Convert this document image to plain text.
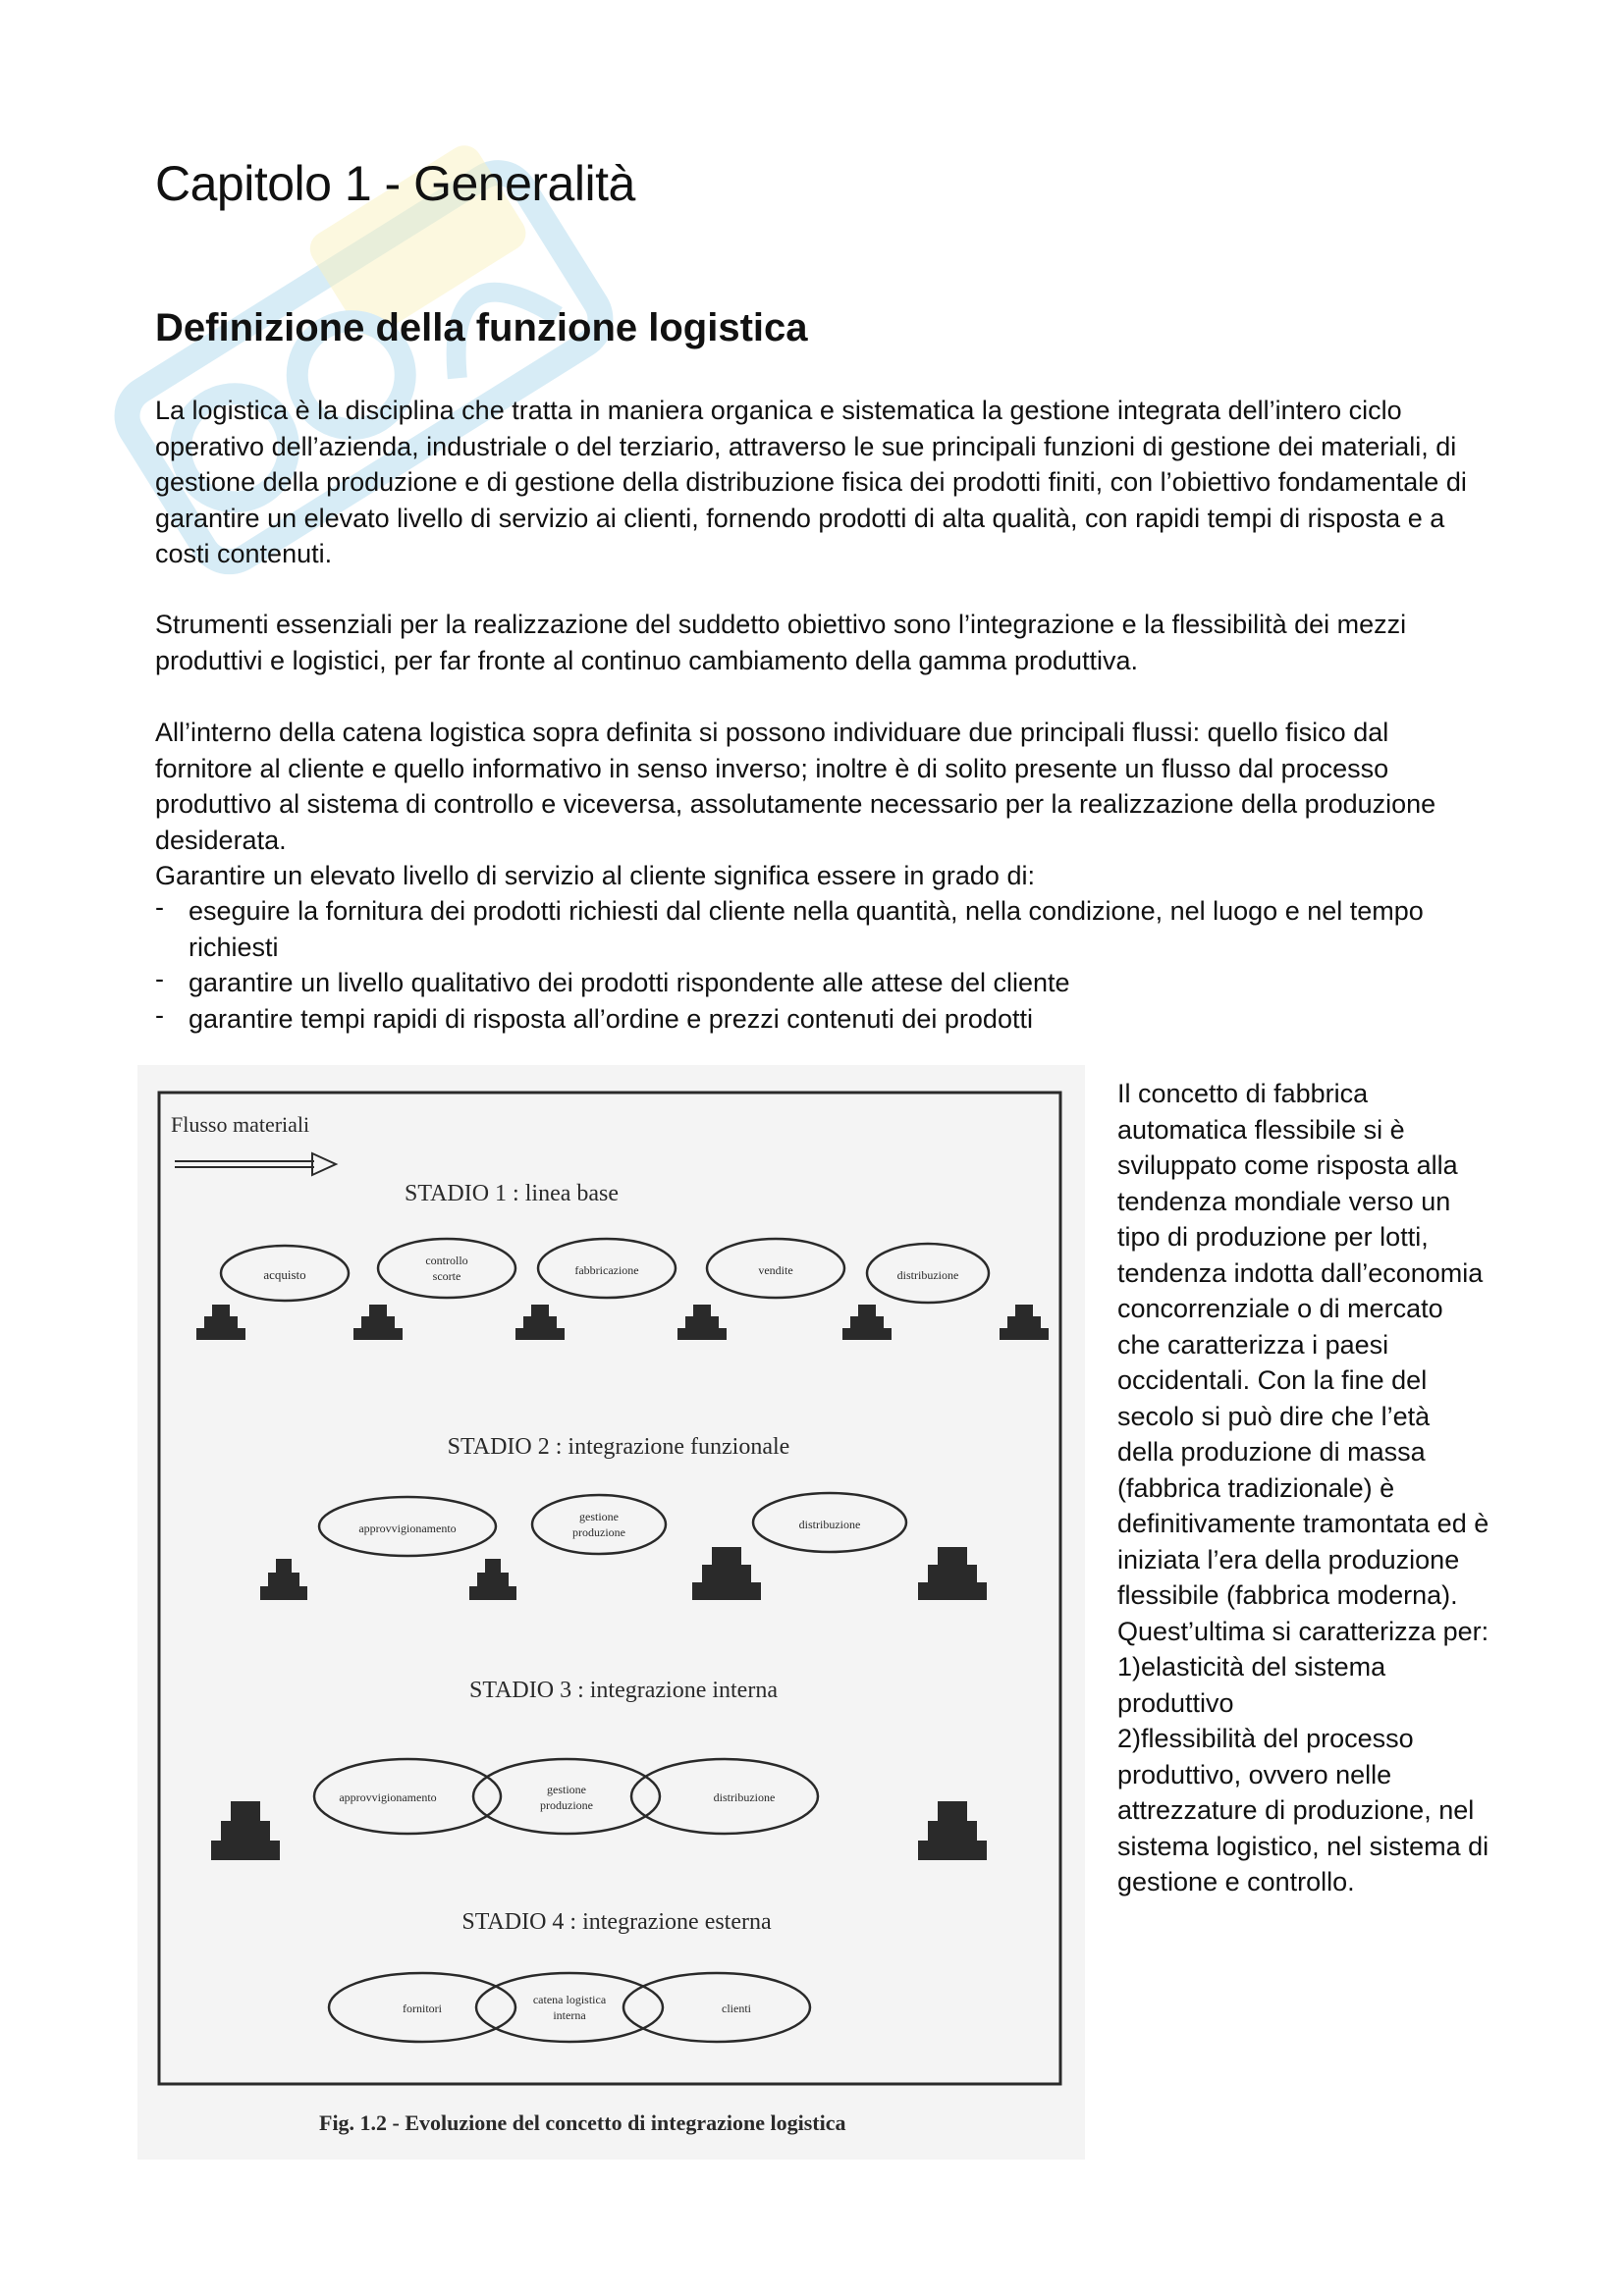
Capitolo 1 - Generalità
Definizione della funzione logistica

La logistica è la disciplina che tratta in maniera organica e sistematica la gestione integrata dell’intero ciclo operativo dell’azienda, industriale o del terziario, attraverso le sue principali funzioni di gestione dei materiali, di gestione della produzione e di gestione della distribuzione fisica dei prodotti finiti, con l’obiettivo fondamentale di garantire un elevato livello di servizio ai clienti, fornendo prodotti di alta qualità, con rapidi tempi di risposta e a costi contenuti.

Strumenti essenziali per la realizzazione del suddetto obiettivo sono l’integrazione e la flessibilità dei mezzi produttivi e logistici, per far fronte al continuo cambiamento della gamma produttiva.

All’interno della catena logistica sopra definita si possono individuare due principali flussi: quello fisico dal fornitore al cliente e quello informativo in senso inverso; inoltre è di solito presente un flusso dal processo produttivo al sistema di controllo e viceversa, assolutamente necessario per la realizzazione della produzione desiderata.

Garantire un elevato livello di servizio al cliente significa essere in grado di:

- eseguire la fornitura dei prodotti richiesti dal cliente nella quantità, nella condizione, nel luogo e nel tempo richiesti
- garantire un livello qualitativo dei prodotti rispondente alle attese del cliente
- garantire tempi rapidi di risposta all’ordine e prezzi contenuti dei prodotti
Flusso materiali
STADIO 1 : linea base
acquisto
controllo
scorte	fabbricazione	vendite	distribuzione
STADIO 2 : integrazione funzionale
approvvigionamento
gestione
produzione
distribuzione
STADIO 3 : integrazione interna
approvvigionamento
gestione
produzione
distribuzione
STADIO 4 : integrazione esterna
fornitori
catena logistica
interna	clienti
Fig. 1.2 - Evoluzione del concetto di integrazione logistica

Il concetto di fabbrica automatica flessibile si è sviluppato come risposta alla tendenza mondiale verso un tipo di produzione per lotti, tendenza indotta dall’economia concorrenziale o di mercato che caratterizza i paesi occidentali. Con la fine del secolo si può dire che l’età della produzione di massa (fabbrica tradizionale) è definitivamente tramontata ed è iniziata l’era della produzione flessibile (fabbrica moderna).
Quest’ultima si caratterizza per:
1)elasticità del sistema produttivo
2)flessibilità del processo produttivo, ovvero nelle attrezzature di produzione, nel sistema logistico, nel sistema di gestione e controllo.
